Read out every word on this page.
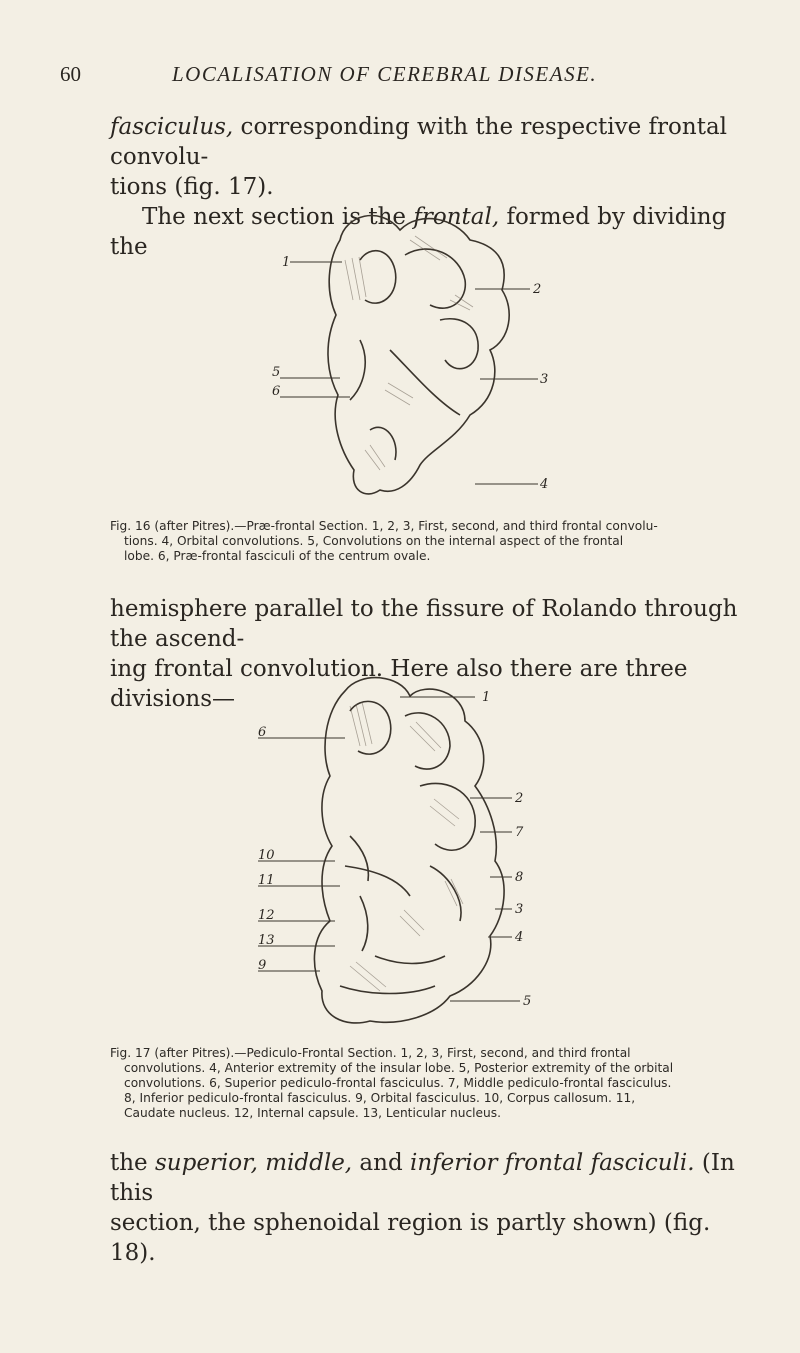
60	LOCALISATION OF CEREBRAL DISEASE.

fasciculus, corresponding with the respective frontal convolu-

tions (fig. 17).

The next section is the frontal, formed by dividing the

1
2
3
4
5
6
Fig. 16 (after Pitres).—Præ-frontal Section. 1, 2, 3, First, second, and third frontal convolu-
tions. 4, Orbital convolutions. 5, Convolutions on the internal aspect of the frontal
lobe. 6, Præ-frontal fasciculi of the centrum ovale.

hemisphere parallel to the fissure of Rolando through the ascend-

ing frontal convolution. Here also there are three divisions—	1
6
2
7
10
11	8
12	3
13	4
9
5
Fig. 17 (after Pitres).—Pediculo-Frontal Section. 1, 2, 3, First, second, and third frontal
convolutions. 4, Anterior extremity of the insular lobe. 5, Posterior extremity of the orbital
convolutions. 6, Superior pediculo-frontal fasciculus. 7, Middle pediculo-frontal fasciculus.
8, Inferior pediculo-frontal fasciculus. 9, Orbital fasciculus. 10, Corpus callosum. 11,
Caudate nucleus. 12, Internal capsule. 13, Lenticular nucleus.

the superior, middle, and inferior frontal fasciculi. (In this

section, the sphenoidal region is partly shown) (fig. 18).
